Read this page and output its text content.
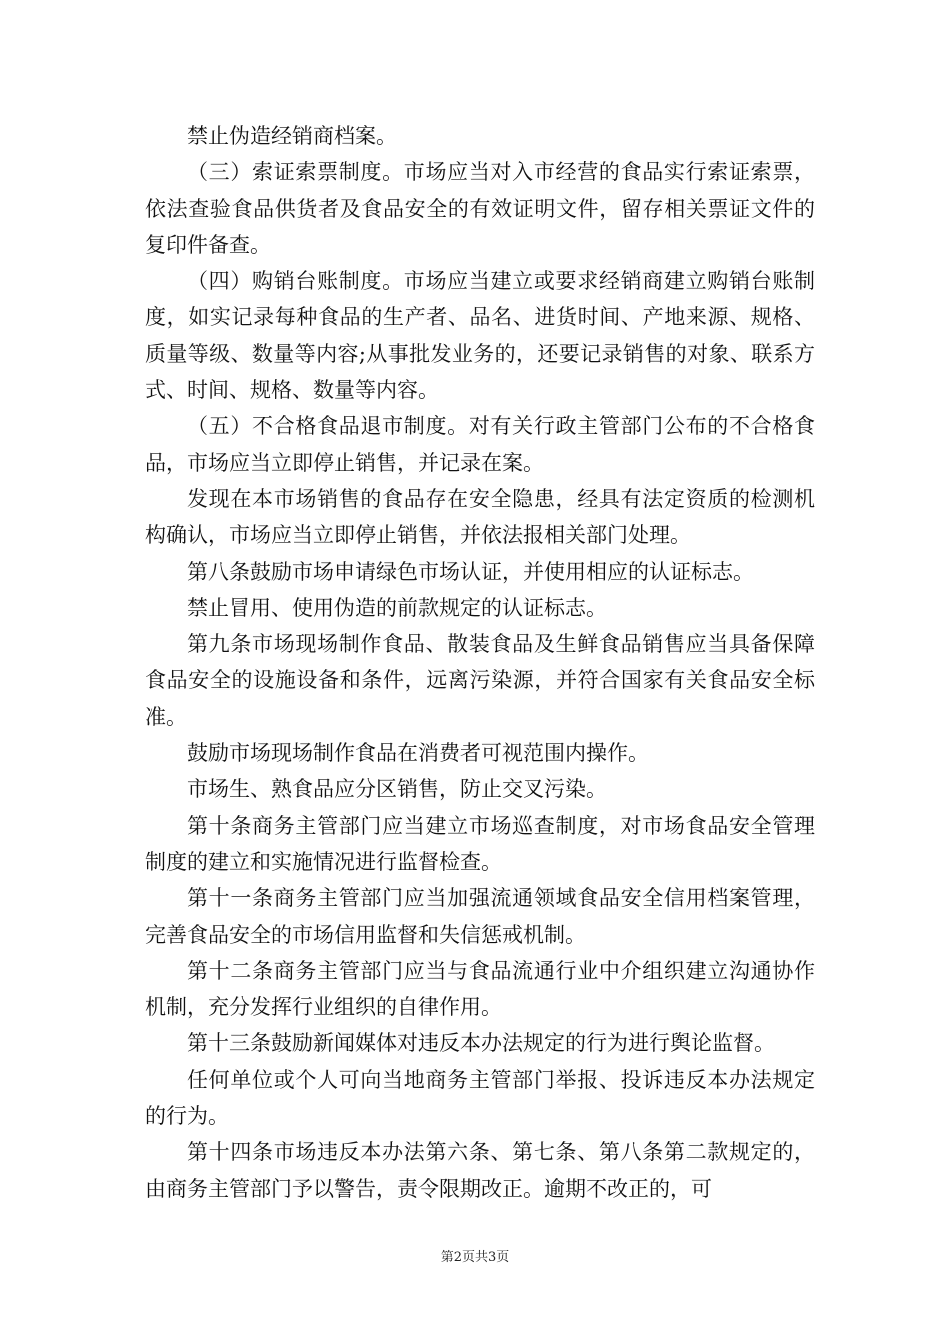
禁止伪造经销商档案。

（三）索证索票制度。市场应当对入市经营的食品实行索证索票，依法查验食品供货者及食品安全的有效证明文件，留存相关票证文件的复印件备查。

（四）购销台账制度。市场应当建立或要求经销商建立购销台账制度，如实记录每种食品的生产者、品名、进货时间、产地来源、规格、质量等级、数量等内容;从事批发业务的，还要记录销售的对象、联系方式、时间、规格、数量等内容。

（五）不合格食品退市制度。对有关行政主管部门公布的不合格食品，市场应当立即停止销售，并记录在案。

发现在本市场销售的食品存在安全隐患，经具有法定资质的检测机构确认，市场应当立即停止销售，并依法报相关部门处理。

第八条鼓励市场申请绿色市场认证，并使用相应的认证标志。

禁止冒用、使用伪造的前款规定的认证标志。

第九条市场现场制作食品、散装食品及生鲜食品销售应当具备保障食品安全的设施设备和条件，远离污染源，并符合国家有关食品安全标准。

鼓励市场现场制作食品在消费者可视范围内操作。

市场生、熟食品应分区销售，防止交叉污染。

第十条商务主管部门应当建立市场巡查制度，对市场食品安全管理制度的建立和实施情况进行监督检查。

第十一条商务主管部门应当加强流通领域食品安全信用档案管理，完善食品安全的市场信用监督和失信惩戒机制。

第十二条商务主管部门应当与食品流通行业中介组织建立沟通协作机制，充分发挥行业组织的自律作用。

第十三条鼓励新闻媒体对违反本办法规定的行为进行舆论监督。

任何单位或个人可向当地商务主管部门举报、投诉违反本办法规定的行为。

第十四条市场违反本办法第六条、第七条、第八条第二款规定的，由商务主管部门予以警告，责令限期改正。逾期不改正的，可

第2页共3页
